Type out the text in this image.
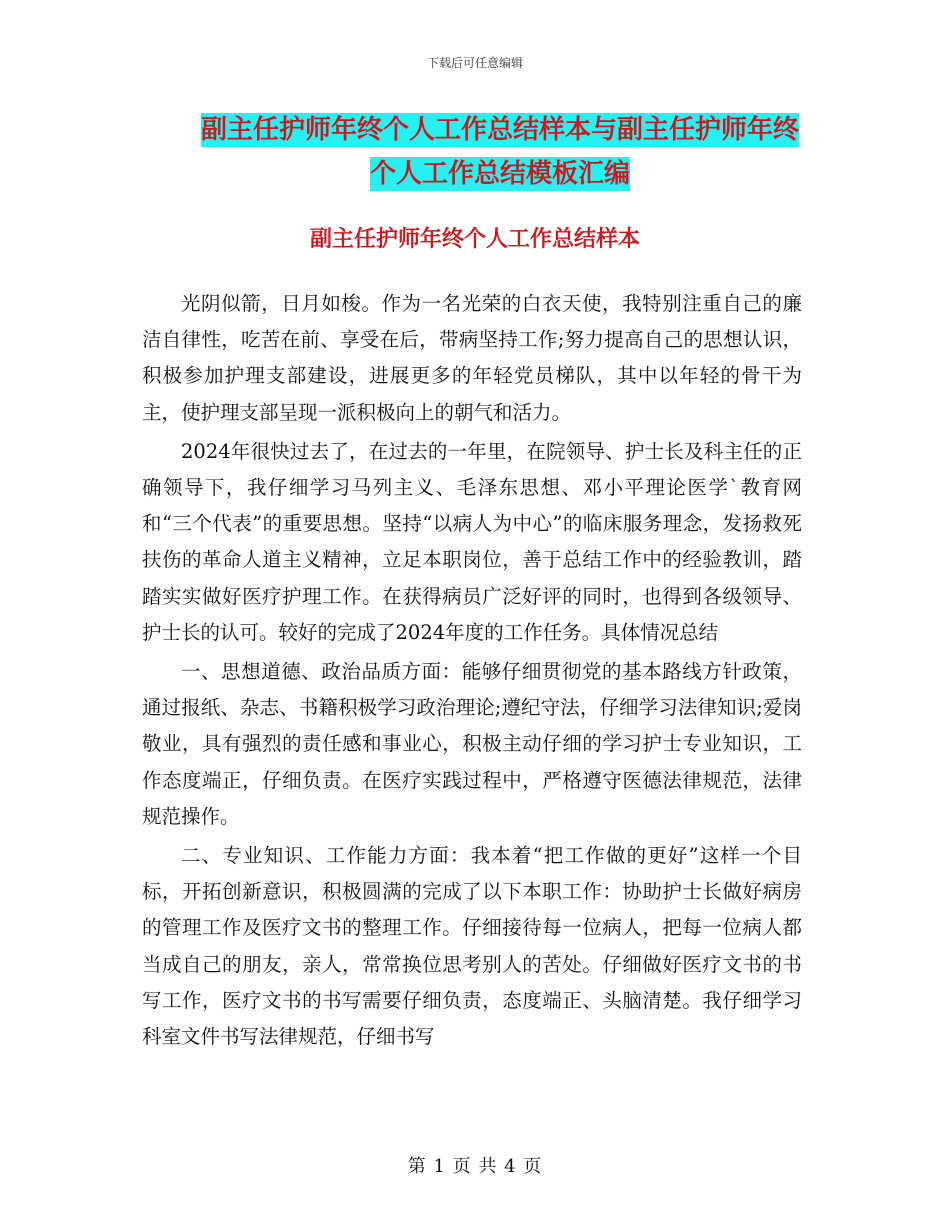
下载后可任意编辑
副主任护师年终个人工作总结样本与副主任护师年终
个人工作总结模板汇编
副主任护师年终个人工作总结样本

光阴似箭，日月如梭。作为一名光荣的白衣天使，我特别注重自己的廉洁自律性，吃苦在前、享受在后，带病坚持工作;努力提高自己的思想认识，积极参加护理支部建设，进展更多的年轻党员梯队，其中以年轻的骨干为主，使护理支部呈现一派积极向上的朝气和活力。

2024年很快过去了，在过去的一年里，在院领导、护士长及科主任的正确领导下，我仔细学习马列主义、毛泽东思想、邓小平理论医学`教育网和“三个代表”的重要思想。坚持“以病人为中心”的临床服务理念，发扬救死扶伤的革命人道主义精神，立足本职岗位，善于总结工作中的经验教训，踏踏实实做好医疗护理工作。在获得病员广泛好评的同时，也得到各级领导、护士长的认可。较好的完成了2024年度的工作任务。具体情况总结

一、思想道德、政治品质方面：能够仔细贯彻党的基本路线方针政策，通过报纸、杂志、书籍积极学习政治理论;遵纪守法，仔细学习法律知识;爱岗敬业，具有强烈的责任感和事业心，积极主动仔细的学习护士专业知识，工作态度端正，仔细负责。在医疗实践过程中，严格遵守医德法律规范，法律规范操作。

二、专业知识、工作能力方面：我本着“把工作做的更好”这样一个目标，开拓创新意识，积极圆满的完成了以下本职工作：协助护士长做好病房的管理工作及医疗文书的整理工作。仔细接待每一位病人，把每一位病人都当成自己的朋友，亲人，常常换位思考别人的苦处。仔细做好医疗文书的书写工作，医疗文书的书写需要仔细负责，态度端正、头脑清楚。我仔细学习科室文件书写法律规范，仔细书写

第 1 页 共 4 页
